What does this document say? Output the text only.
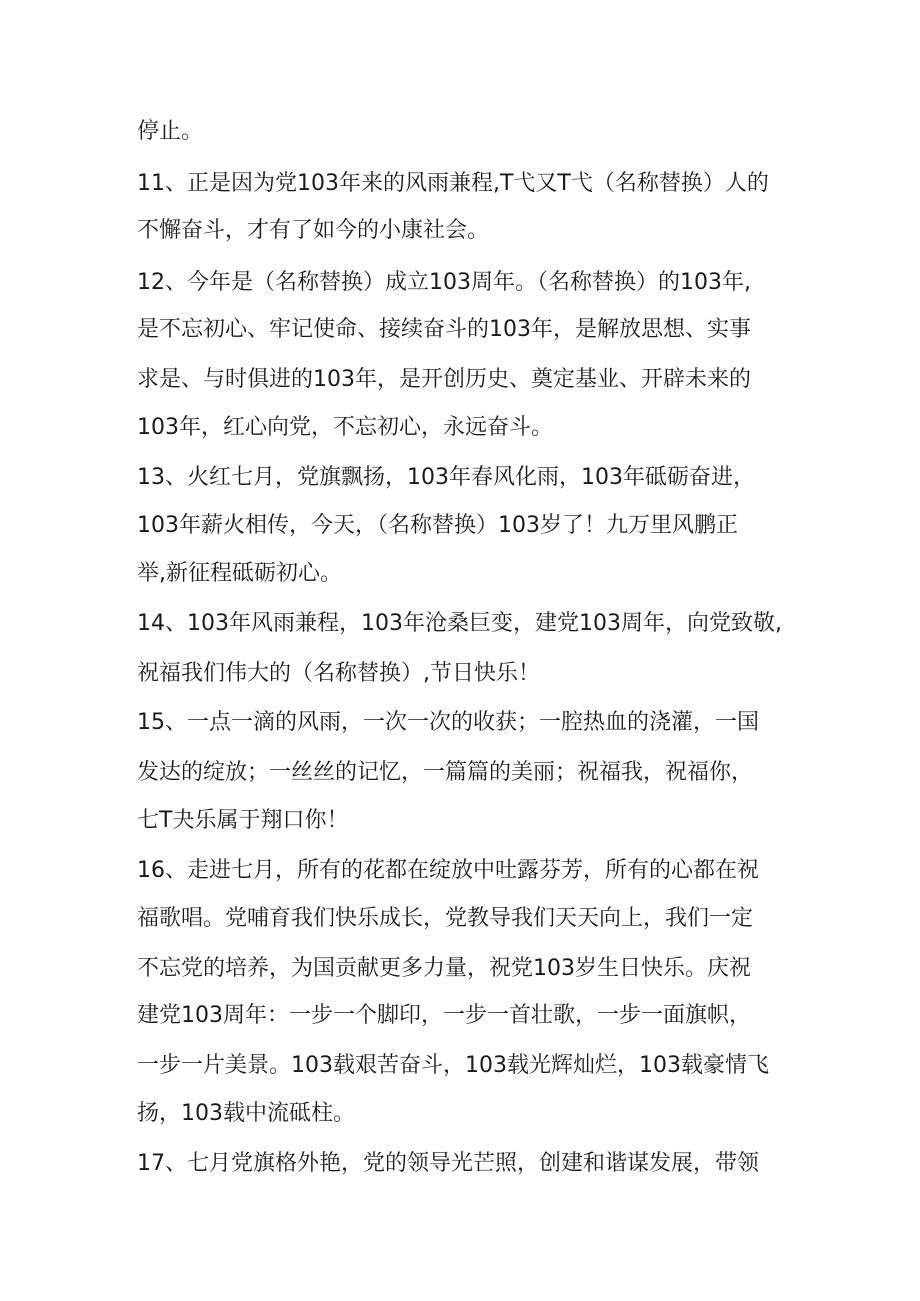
停止。
11、正是因为党103年来的风雨兼程,T弋又T弋（名称替换）人的
不懈奋斗，才有了如今的小康社会。
12、今年是（名称替换）成立103周年。（名称替换）的103年,
是不忘初心、牢记使命、接续奋斗的103年，是解放思想、实事
求是、与时俱进的103年，是开创历史、奠定基业、开辟未来的
103年，红心向党，不忘初心，永远奋斗。
13、火红七月，党旗飘扬，103年春风化雨，103年砥砺奋进，
103年薪火相传，今天，（名称替换）103岁了！九万里风鹏正
举,新征程砥砺初心。
14、103年风雨兼程，103年沧桑巨变，建党103周年，向党致敬,
祝福我们伟大的（名称替换）,节日快乐！
15、一点一滴的风雨，一次一次的收获；一腔热血的浇灌，一国
发达的绽放；一丝丝的记忆，一篇篇的美丽；祝福我，祝福你，
七T夬乐属于翔口你！
16、走进七月，所有的花都在绽放中吐露芬芳，所有的心都在祝
福歌唱。党哺育我们快乐成长，党教导我们天天向上，我们一定
不忘党的培养，为国贡献更多力量，祝党103岁生日快乐。庆祝
建党103周年：一步一个脚印，一步一首壮歌，一步一面旗帜，
一步一片美景。103载艰苦奋斗，103载光辉灿烂，103载豪情飞
扬，103载中流砥柱。
17、七月党旗格外艳，党的领导光芒照，创建和谐谋发展，带领
